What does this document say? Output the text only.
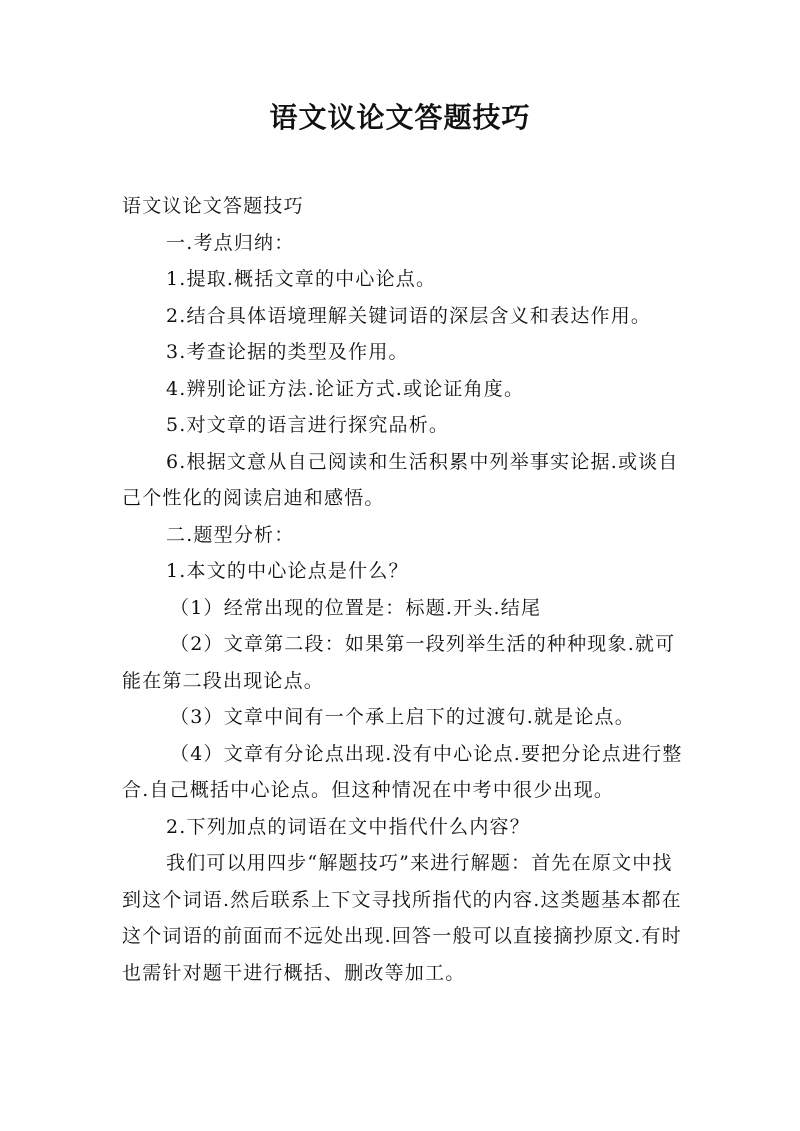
语文议论文答题技巧

语文议论文答题技巧

一.考点归纳：

1.提取.概括文章的中心论点。

2.结合具体语境理解关键词语的深层含义和表达作用。

3.考查论据的类型及作用。

4.辨别论证方法.论证方式.或论证角度。

5.对文章的语言进行探究品析。

6.根据文意从自己阅读和生活积累中列举事实论据.或谈自己个性化的阅读启迪和感悟。

二.题型分析：

1.本文的中心论点是什么？

（1）经常出现的位置是：标题.开头.结尾

（2）文章第二段：如果第一段列举生活的种种现象.就可能在第二段出现论点。

（3）文章中间有一个承上启下的过渡句.就是论点。

（4）文章有分论点出现.没有中心论点.要把分论点进行整合.自己概括中心论点。但这种情况在中考中很少出现。

2.下列加点的词语在文中指代什么内容？

我们可以用四步“解题技巧”来进行解题：首先在原文中找到这个词语.然后联系上下文寻找所指代的内容.这类题基本都在这个词语的前面而不远处出现.回答一般可以直接摘抄原文.有时也需针对题干进行概括、删改等加工。
